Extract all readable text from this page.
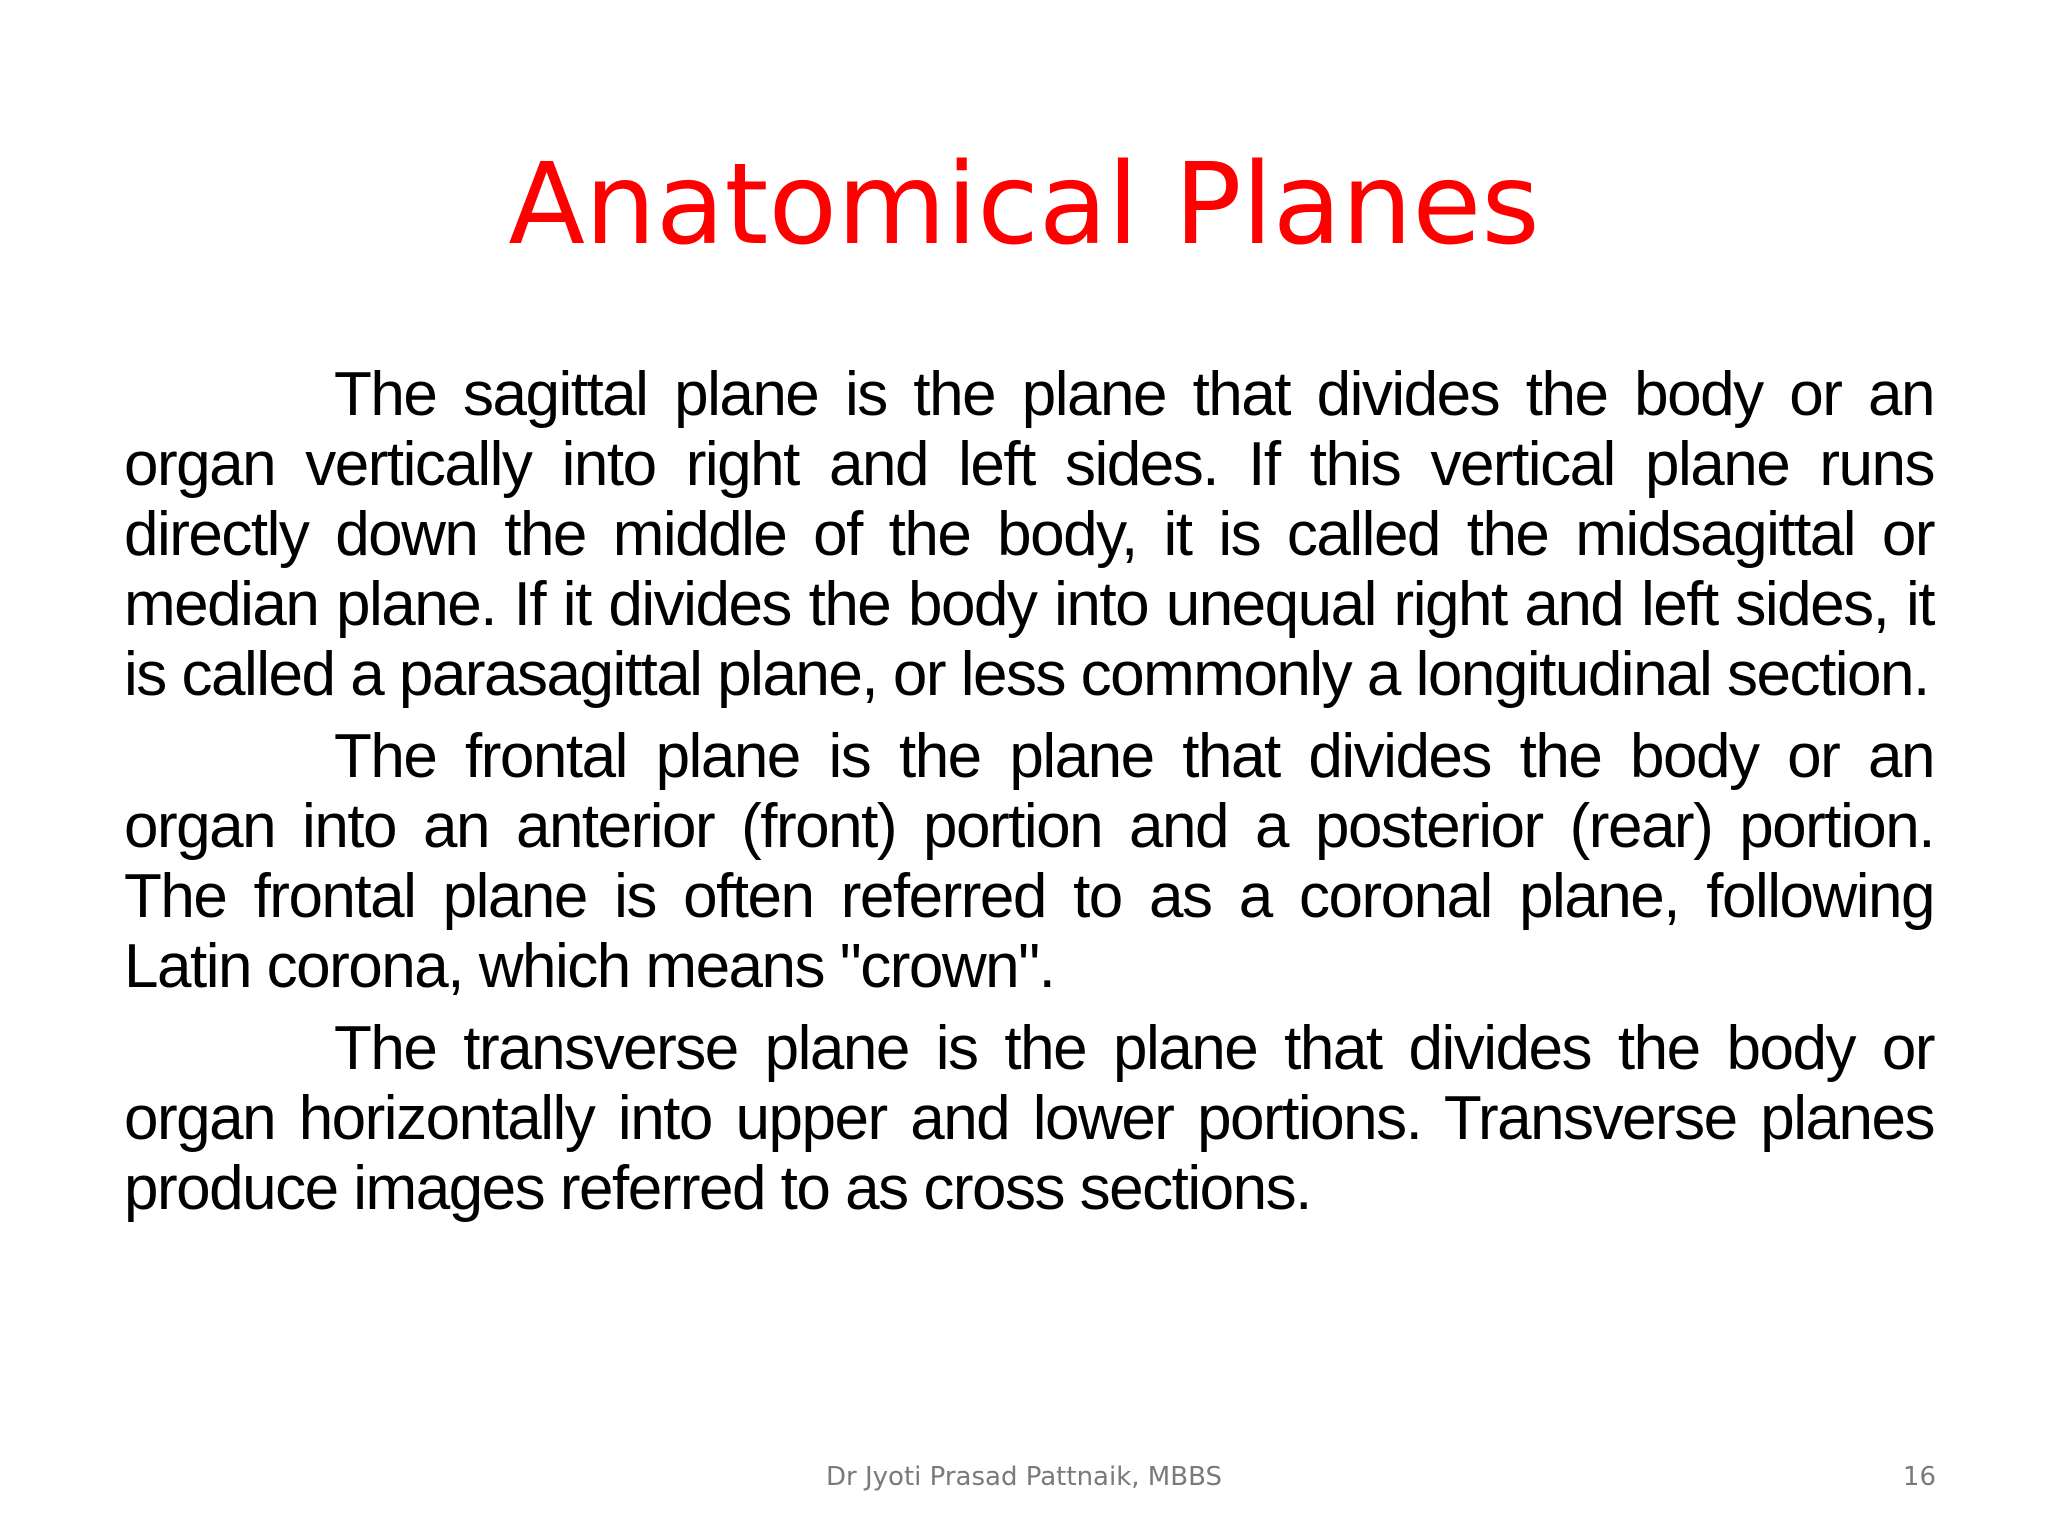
Anatomical Planes

The sagittal plane is the plane that divides the body or an organ vertically into right and left sides. If this vertical plane runs directly down the middle of the body, it is called the midsagittal or median plane. If it divides the body into unequal right and left sides, it is called a parasagittal plane, or less commonly a longitudinal section.

The frontal plane is the plane that divides the body or an organ into an anterior (front) portion and a posterior (rear) portion. The frontal plane is often referred to as a coronal plane, following Latin corona, which means "crown".

The transverse plane is the plane that divides the body or organ horizontally into upper and lower portions. Transverse planes produce images referred to as cross sections.

Dr Jyoti Prasad Pattnaik, MBBS	16
